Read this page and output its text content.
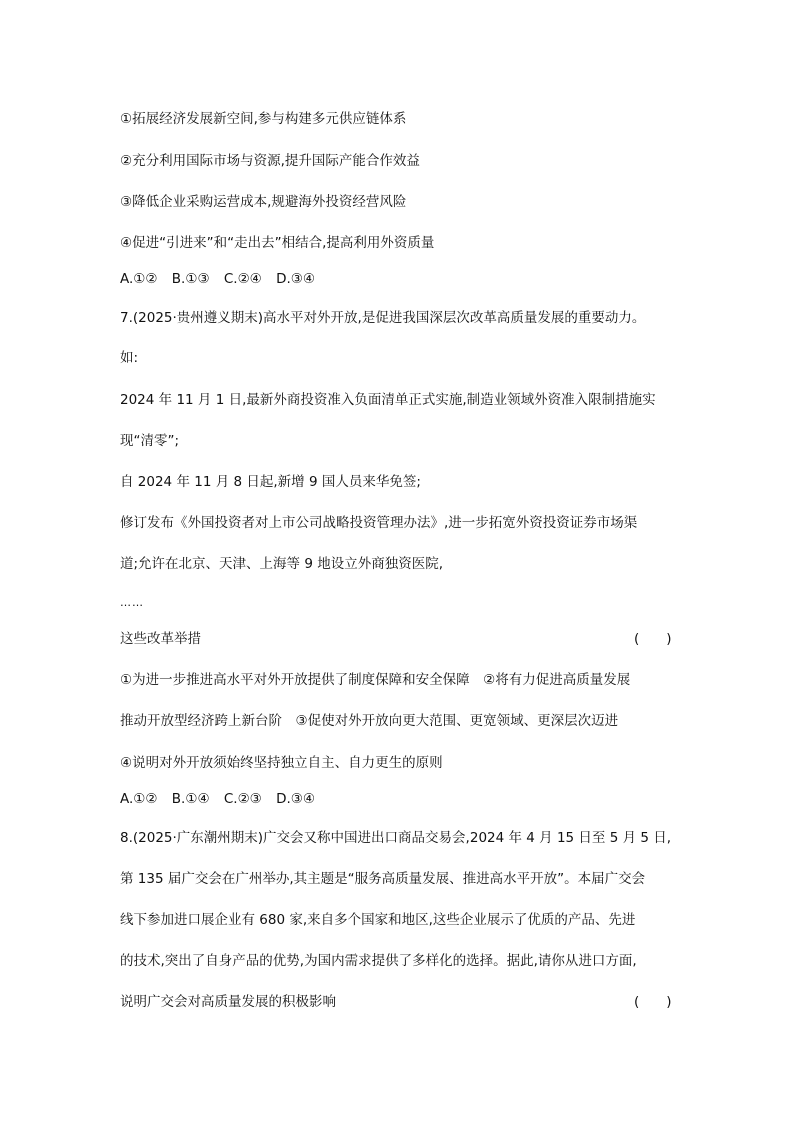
①拓展经济发展新空间,参与构建多元供应链体系
②充分利用国际市场与资源,提升国际产能合作效益
③降低企业采购运营成本,规避海外投资经营风险
④促进“引进来”和“走出去”相结合,提高利用外资质量
A.①② B.①③ C.②④ D.③④
7.(2025·贵州遵义期末)高水平对外开放,是促进我国深层次改革高质量发展的重要动力。
如:
2024 年 11 月 1 日,最新外商投资准入负面清单正式实施,制造业领域外资准入限制措施实
现“清零”;
自 2024 年 11 月 8 日起,新增 9 国人员来华免签;
修订发布《外国投资者对上市公司战略投资管理办法》,进一步拓宽外资投资证券市场渠
道;允许在北京、天津、上海等 9 地设立外商独资医院,
……
这些改革举措	(　　)
①为进一步推进高水平对外开放提供了制度保障和安全保障　②将有力促进高质量发展
推动开放型经济跨上新台阶　③促使对外开放向更大范围、更宽领域、更深层次迈进
④说明对外开放须始终坚持独立自主、自力更生的原则
A.①② B.①④ C.②③ D.③④
8.(2025·广东潮州期末)广交会又称中国进出口商品交易会,2024 年 4 月 15 日至 5 月 5 日,
第 135 届广交会在广州举办,其主题是“服务高质量发展、推进高水平开放”。本届广交会
线下参加进口展企业有 680 家,来自多个国家和地区,这些企业展示了优质的产品、先进
的技术,突出了自身产品的优势,为国内需求提供了多样化的选择。据此,请你从进口方面,
说明广交会对高质量发展的积极影响	(　　)
